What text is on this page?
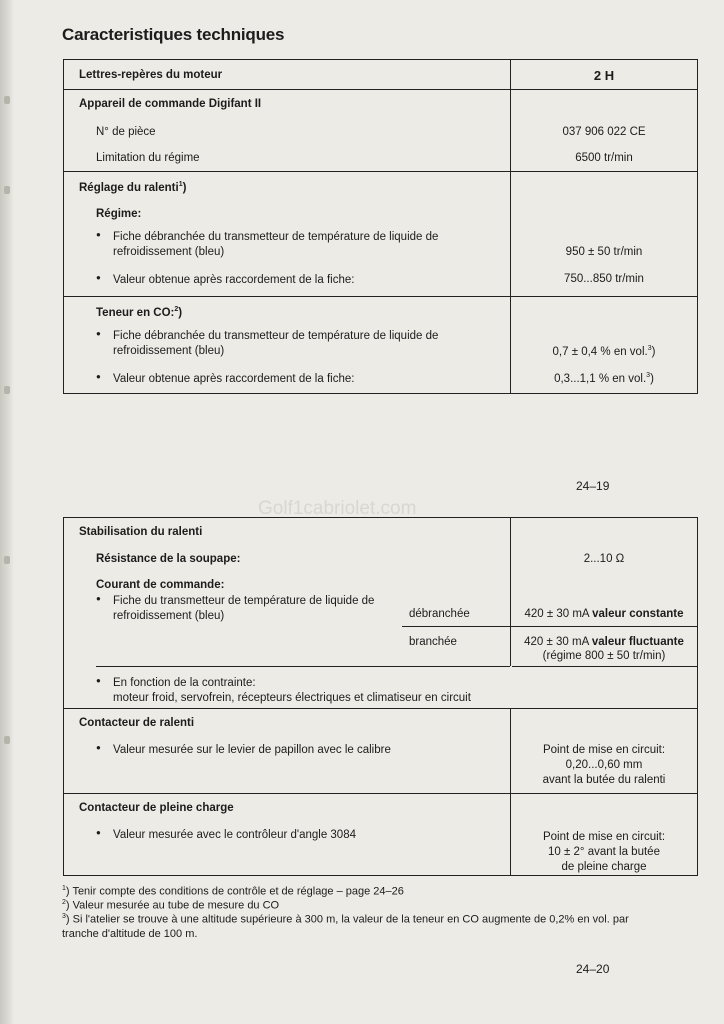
Golf1cabriolet.com
Caracteristiques techniques
Lettres-repères du moteur	2 H
Appareil de commande Digifant II
N° de pièce	037 906 022 CE
Limitation du régime	6500 tr/min
Réglage du ralenti$^1$)
Régime:
● Fiche débranchée du transmetteur de température de liquide de refroidissement (bleu)	950 ± 50 tr/min
● Valeur obtenue après raccordement de la fiche:	750...850 tr/min
Teneur en CO:$^2$)
● Fiche débranchée du transmetteur de température de liquide de refroidissement (bleu)	0,7 ± 0,4 % en vol.$^3$)
● Valeur obtenue après raccordement de la fiche:	0,3...1,1 % en vol.$^3$)
24–19
Stabilisation du ralenti
Résistance de la soupape:	2...10 Ω
Courant de commande:
● Fiche du transmetteur de température de liquide de refroidissement (bleu)	débranchée	420 ± 30 mA valeur constante
branchée	420 ± 30 mA valeur fluctuante
(régime 800 ± 50 tr/min)
● En fonction de la contrainte:
moteur froid, servofrein, récepteurs électriques et climatiseur en circuit
Contacteur de ralenti
● Valeur mesurée sur le levier de papillon avec le calibre	Point de mise en circuit:
0,20...0,60 mm
avant la butée du ralenti
Contacteur de pleine charge
● Valeur mesurée avec le contrôleur d'angle 3084	Point de mise en circuit:
10 ± 2° avant la butée
de pleine charge
$^1$) Tenir compte des conditions de contrôle et de réglage – page 24–26
$^2$) Valeur mesurée au tube de mesure du CO
$^3$) Si l'atelier se trouve à une altitude supérieure à 300 m, la valeur de la teneur en CO augmente de 0,2% en vol. par tranche d'altitude de 100 m.
24–20
